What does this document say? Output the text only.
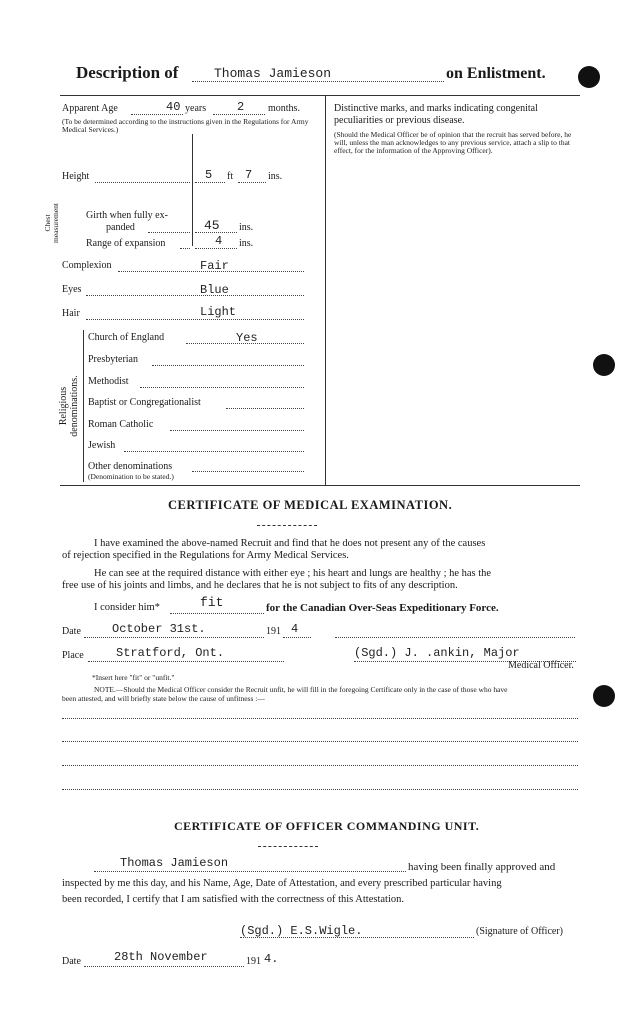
Description of	Thomas Jamieson	on Enlistment.
Apparent Age	40 years	2 months.
(To be determined according to the instructions given in the Regulations for Army Medical Services.)
Height	5 ft 7 ins.
Chest measurement	Girth when fully ex-
panded	45 ins.
Range of expansion	4 ins.
Complexion	Fair
Eyes	Blue
Hair	Light
Religious denominations.
Church of England	Yes
Presbyterian
Methodist
Baptist or Congregationalist
Roman Catholic
Jewish
Other denominations
(Denomination to be stated.)
Distinctive marks, and marks indicating congenital
peculiarities or previous disease.
(Should the Medical Officer be of opinion that the recruit has served before, he will, unless the man acknowledges to any previous service, attach a slip to that effect, for the information of the Approving Officer).
CERTIFICATE OF MEDICAL EXAMINATION.
I have examined the above-named Recruit and find that he does not present any of the causes
of rejection specified in the Regulations for Army Medical Services.
He can see at the required distance with either eye ; his heart and lungs are healthy ; he has the
free use of his joints and limbs, and he declares that he is not subject to fits of any description.
I consider him*	fit	for the Canadian Over-Seas Expeditionary Force.
Date	October 31st.	191 4
Place	Stratford, Ont.	(Sgd.) J. .ankin, Major
Medical Officer.
*Insert here "fit" or "unfit."
NOTE.—Should the Medical Officer consider the Recruit unfit, he will fill in the foregoing Certificate only in the case of those who have
been attested, and will briefly state below the cause of unfitness :—
CERTIFICATE OF OFFICER COMMANDING UNIT.
Thomas Jamieson	having been finally approved and
inspected by me this day, and his Name, Age, Date of Attestation, and every prescribed particular having
been recorded, I certify that I am satisfied with the correctness of this Attestation.
(Sgd.) E.S.Wigle.	(Signature of Officer)
Date	28th November	191 4.
